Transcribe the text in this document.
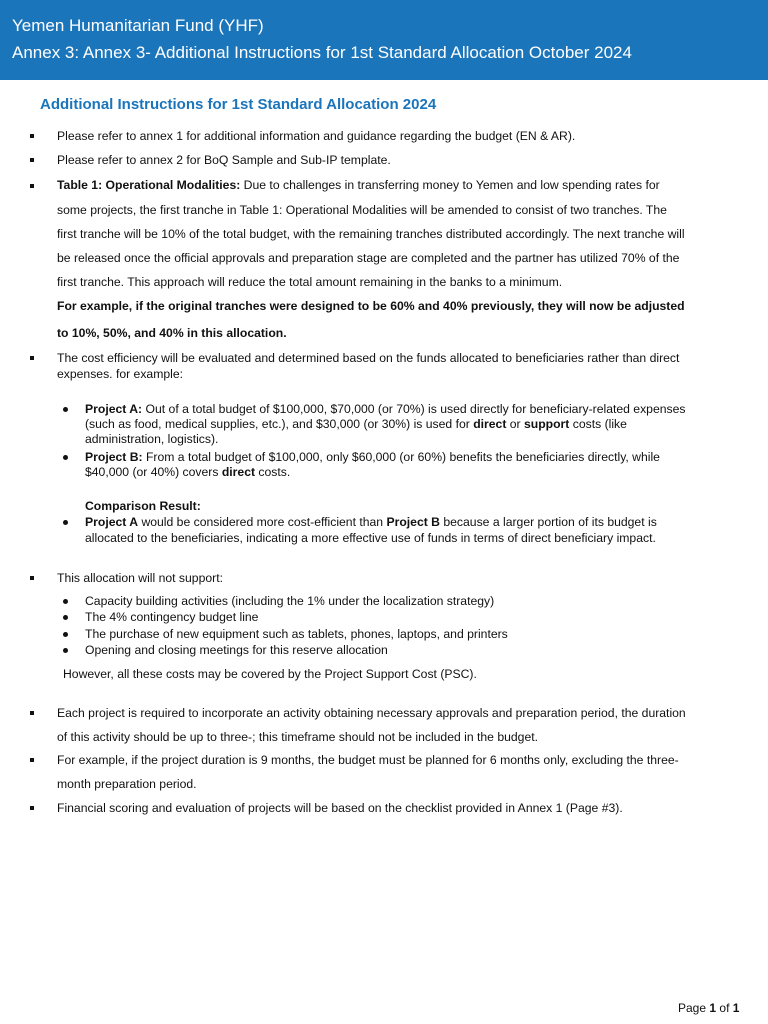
Yemen Humanitarian Fund (YHF)
Annex 3: Annex 3- Additional Instructions for 1st Standard Allocation October 2024
Additional Instructions for 1st Standard Allocation 2024
Please refer to annex 1 for additional information and guidance regarding the budget (EN & AR).
Please refer to annex 2 for BoQ Sample and Sub-IP template.
Table 1: Operational Modalities: Due to challenges in transferring money to Yemen and low spending rates for
some projects, the first tranche in Table 1: Operational Modalities will be amended to consist of two tranches. The
first tranche will be 10% of the total budget, with the remaining tranches distributed accordingly. The next tranche will
be released once the official approvals and preparation stage are completed and the partner has utilized 70% of the
first tranche. This approach will reduce the total amount remaining in the banks to a minimum.
For example, if the original tranches were designed to be 60% and 40% previously, they will now be adjusted
to 10%, 50%, and 40% in this allocation.
The cost efficiency will be evaluated and determined based on the funds allocated to beneficiaries rather than direct
expenses. for example:
Project A: Out of a total budget of $100,000, $70,000 (or 70%) is used directly for beneficiary-related expenses
(such as food, medical supplies, etc.), and $30,000 (or 30%) is used for direct or support costs (like
administration, logistics).
Project B: From a total budget of $100,000, only $60,000 (or 60%) benefits the beneficiaries directly, while
$40,000 (or 40%) covers direct costs.
Comparison Result:
Project A would be considered more cost-efficient than Project B because a larger portion of its budget is
allocated to the beneficiaries, indicating a more effective use of funds in terms of direct beneficiary impact.
This allocation will not support:
Capacity building activities (including the 1% under the localization strategy)
The 4% contingency budget line
The purchase of new equipment such as tablets, phones, laptops, and printers
Opening and closing meetings for this reserve allocation
However, all these costs may be covered by the Project Support Cost (PSC).
Each project is required to incorporate an activity obtaining necessary approvals and preparation period, the duration
of this activity should be up to three-; this timeframe should not be included in the budget.
For example, if the project duration is 9 months, the budget must be planned for 6 months only, excluding the three-
month preparation period.
Financial scoring and evaluation of projects will be based on the checklist provided in Annex 1 (Page #3).
Page 1 of 1
